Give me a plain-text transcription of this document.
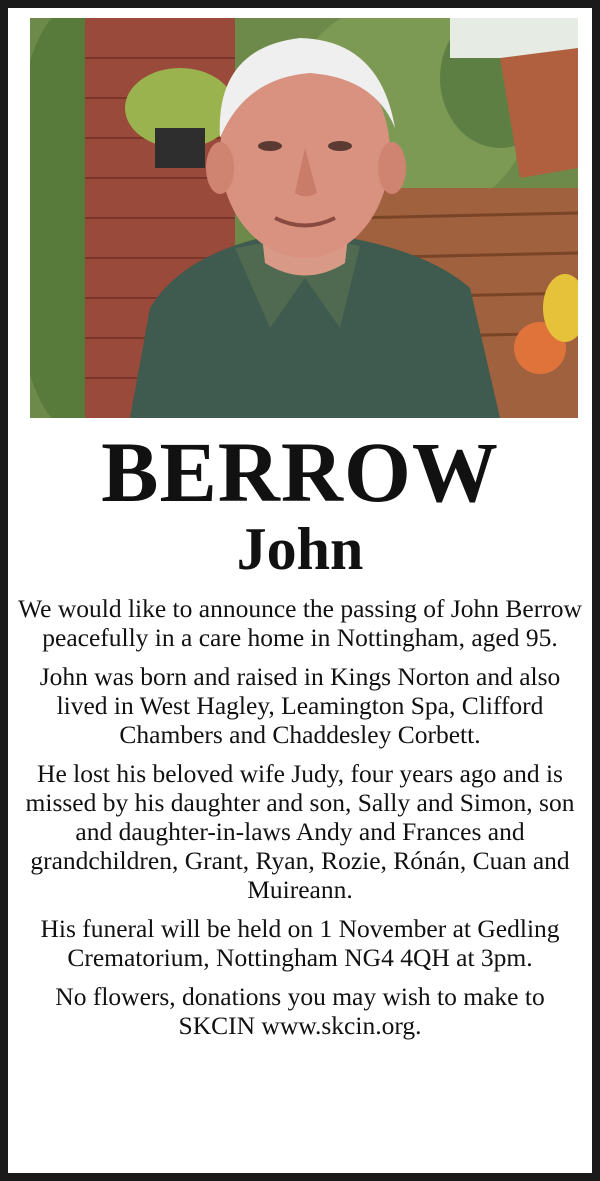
BERROW
John

We would like to announce the passing of John Berrow peacefully in a care home in Nottingham, aged 95.

John was born and raised in Kings Norton and also lived in West Hagley, Leamington Spa, Clifford Chambers and Chaddesley Corbett.

He lost his beloved wife Judy, four years ago and is missed by his daughter and son, Sally and Simon, son and daughter-in-laws Andy and Frances and grandchildren, Grant, Ryan, Rozie, Rónán, Cuan and Muireann.

His funeral will be held on 1 November at Gedling Crematorium, Nottingham NG4 4QH at 3pm.

No flowers, donations you may wish to make to SKCIN www.skcin.org.
